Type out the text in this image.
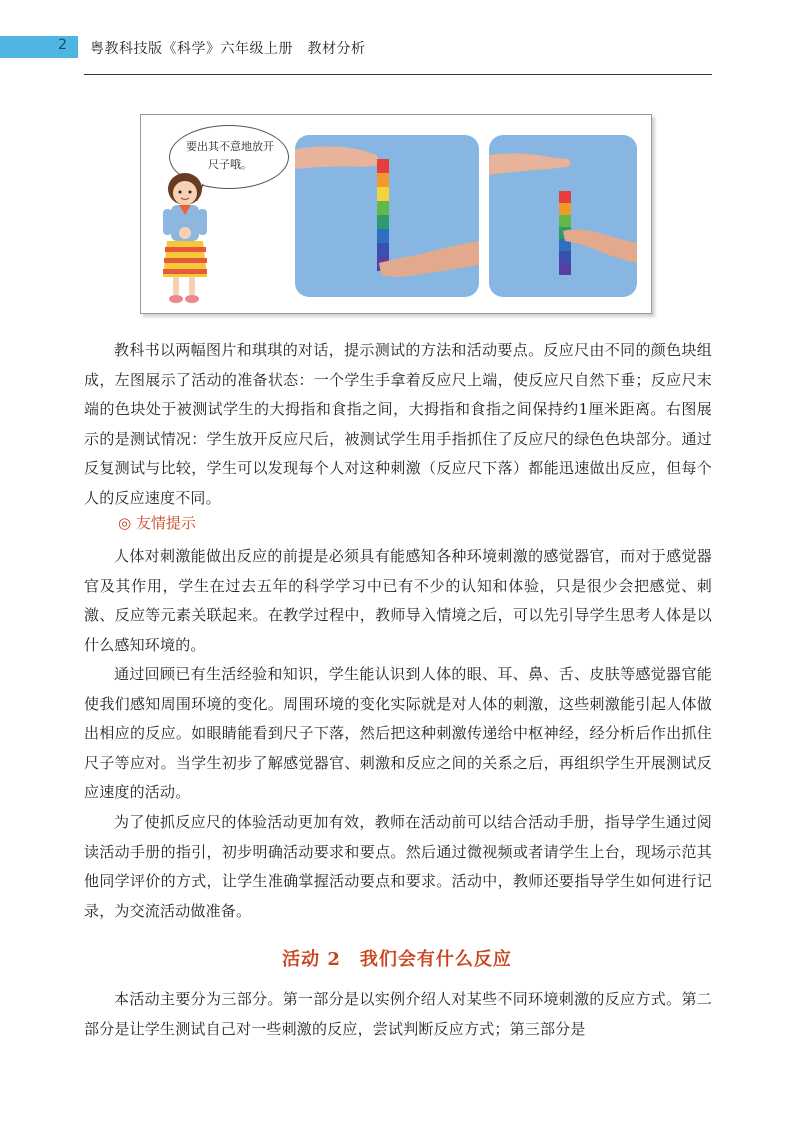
2 粤教科技版《科学》六年级上册　教材分析
要出其不意地放开尺子哦。

教科书以两幅图片和琪琪的对话，提示测试的方法和活动要点。反应尺由不同的颜色块组成，左图展示了活动的准备状态：一个学生手拿着反应尺上端，使反应尺自然下垂；反应尺末端的色块处于被测试学生的大拇指和食指之间，大拇指和食指之间保持约1厘米距离。右图展示的是测试情况：学生放开反应尺后，被测试学生用手指抓住了反应尺的绿色色块部分。通过反复测试与比较，学生可以发现每个人对这种刺激（反应尺下落）都能迅速做出反应，但每个人的反应速度不同。

◎ 友情提示

人体对刺激能做出反应的前提是必须具有能感知各种环境刺激的感觉器官，而对于感觉器官及其作用，学生在过去五年的科学学习中已有不少的认知和体验，只是很少会把感觉、刺激、反应等元素关联起来。在教学过程中，教师导入情境之后，可以先引导学生思考人体是以什么感知环境的。

通过回顾已有生活经验和知识，学生能认识到人体的眼、耳、鼻、舌、皮肤等感觉器官能使我们感知周围环境的变化。周围环境的变化实际就是对人体的刺激，这些刺激能引起人体做出相应的反应。如眼睛能看到尺子下落，然后把这种刺激传递给中枢神经，经分析后作出抓住尺子等应对。当学生初步了解感觉器官、刺激和反应之间的关系之后，再组织学生开展测试反应速度的活动。

为了使抓反应尺的体验活动更加有效，教师在活动前可以结合活动手册，指导学生通过阅读活动手册的指引，初步明确活动要求和要点。然后通过微视频或者请学生上台，现场示范其他同学评价的方式，让学生准确掌握活动要点和要求。活动中，教师还要指导学生如何进行记录，为交流活动做准备。

活动 2　我们会有什么反应

本活动主要分为三部分。第一部分是以实例介绍人对某些不同环境刺激的反应方式。第二部分是让学生测试自己对一些刺激的反应，尝试判断反应方式；第三部分是
